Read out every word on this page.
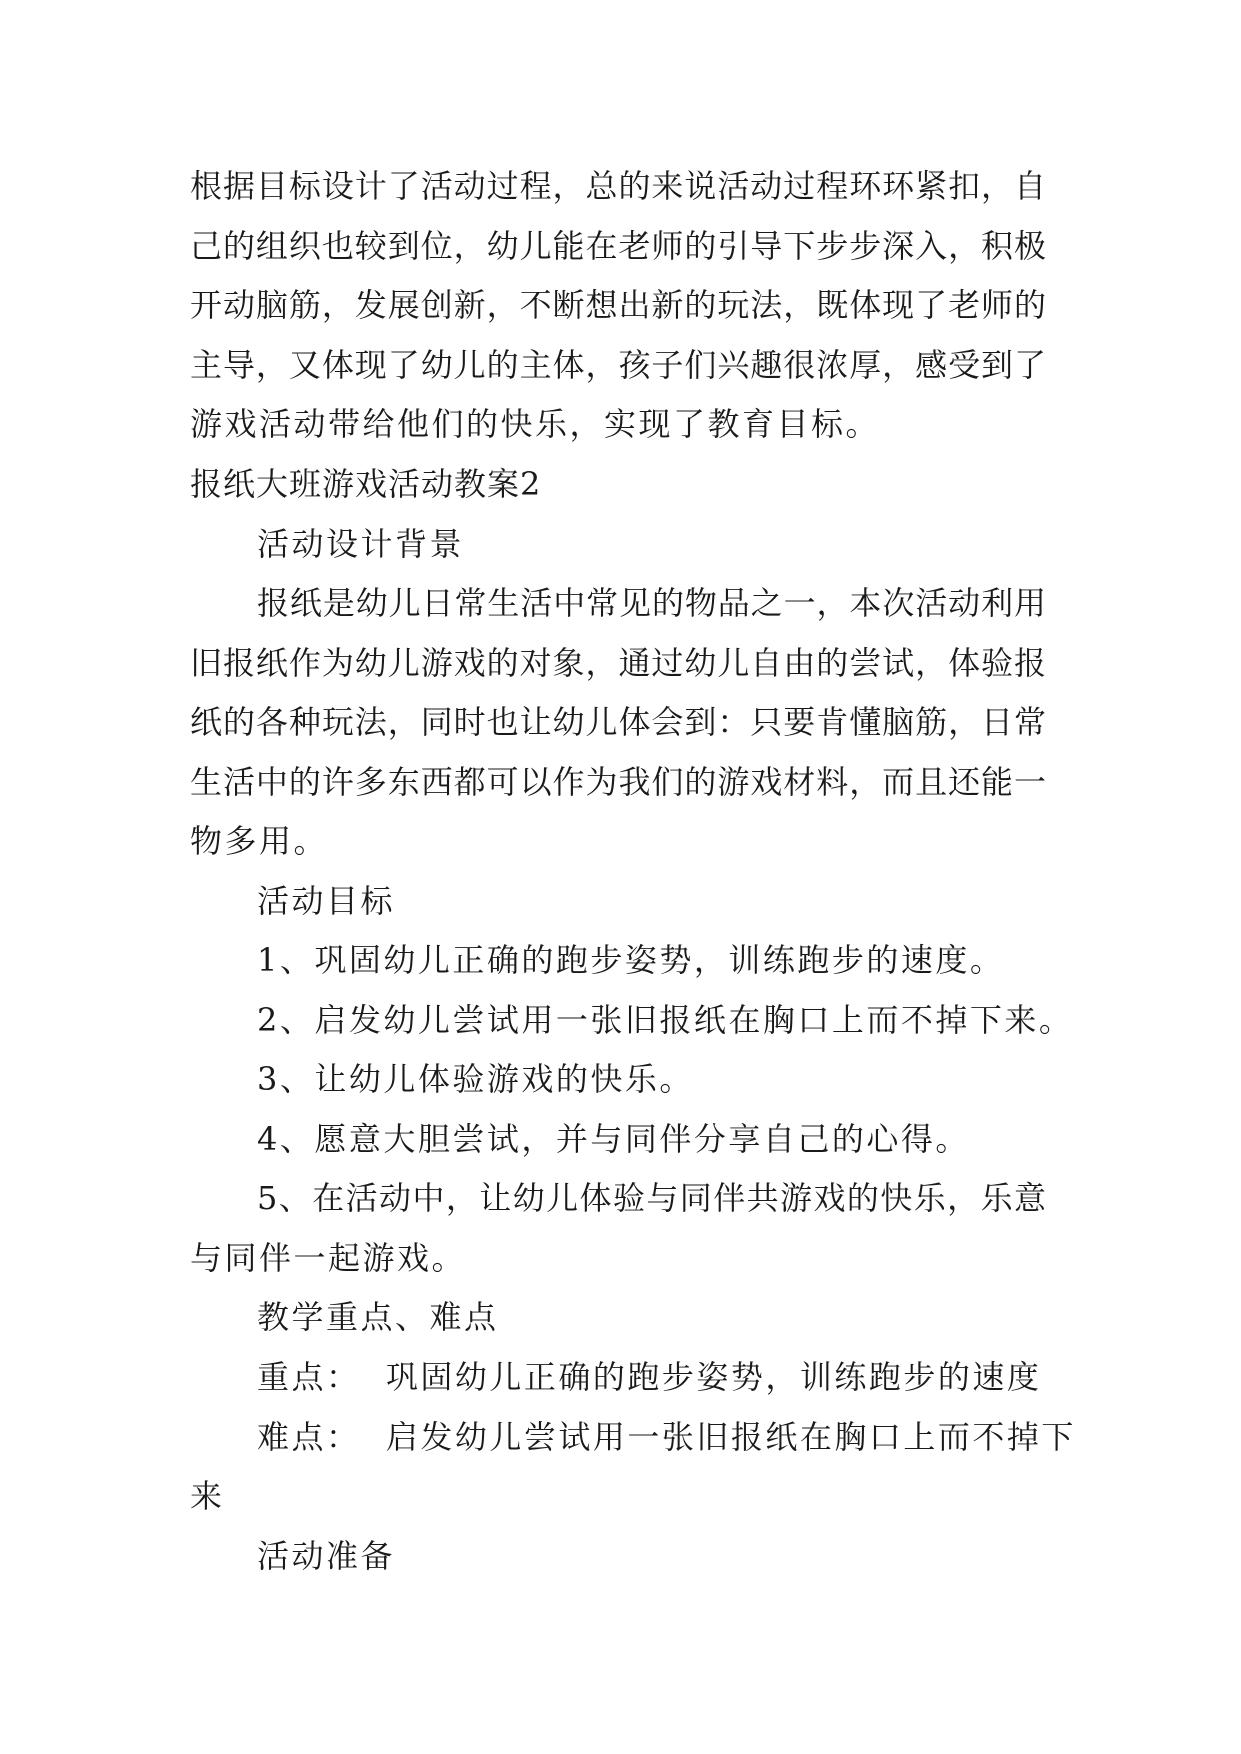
根据目标设计了活动过程，总的来说活动过程环环紧扣，自
己的组织也较到位，幼儿能在老师的引导下步步深入，积极
开动脑筋，发展创新，不断想出新的玩法，既体现了老师的
主导，又体现了幼儿的主体，孩子们兴趣很浓厚，感受到了
游戏活动带给他们的快乐，实现了教育目标。
报纸大班游戏活动教案2
活动设计背景
报纸是幼儿日常生活中常见的物品之一，本次活动利用
旧报纸作为幼儿游戏的对象，通过幼儿自由的尝试，体验报
纸的各种玩法，同时也让幼儿体会到：只要肯懂脑筋，日常
生活中的许多东西都可以作为我们的游戏材料，而且还能一
物多用。
活动目标
1、巩固幼儿正确的跑步姿势，训练跑步的速度。
2、启发幼儿尝试用一张旧报纸在胸口上而不掉下来。
3、让幼儿体验游戏的快乐。
4、愿意大胆尝试，并与同伴分享自己的心得。
5、在活动中，让幼儿体验与同伴共游戏的快乐，乐意
与同伴一起游戏。
教学重点、难点
重点：  巩固幼儿正确的跑步姿势，训练跑步的速度
难点：  启发幼儿尝试用一张旧报纸在胸口上而不掉下
来
活动准备
